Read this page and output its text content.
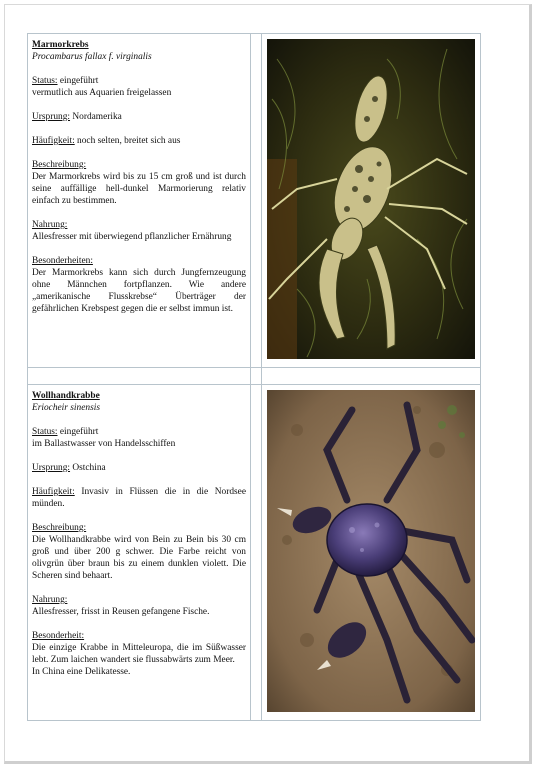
Marmorkrebs

Procambarus fallax f. virginalis

Status: eingeführt

vermutlich aus Aquarien freigelassen

Ursprung: Nordamerika

Häufigkeit: noch selten, breitet sich aus

Beschreibung:

Der Marmorkrebs wird bis zu 15 cm groß und ist durch seine auffällige hell-dunkel Marmorierung relativ einfach zu bestimmen.

Nahrung:

Allesfresser mit überwiegend pflanzlicher Ernährung

Besonderheiten:

Der Marmorkrebs kann sich durch Jungfernzeugung ohne Männchen fortpflanzen. Wie andere „amerikanische Flusskrebse“ Überträger der gefährlichen Krebspest gegen die er selbst immun ist.

Wollhandkrabbe

Eriocheir sinensis

Status: eingeführt

im Ballastwasser von Handelsschiffen

Ursprung: Ostchina

Häufigkeit: Invasiv in Flüssen die in die Nordsee münden.

Beschreibung:

Die Wollhandkrabbe wird von Bein zu Bein bis 30 cm groß und über 200 g schwer. Die Farbe reicht von olivgrün über braun bis zu einem dunklen violett. Die Scheren sind behaart.

Nahrung:

Allesfresser, frisst in Reusen gefangene Fische.

Besonderheit:

Die einzige Krabbe in Mitteleuropa, die im Süßwasser lebt. Zum laichen wandert sie flussabwärts zum Meer.

In China eine Delikatesse.
